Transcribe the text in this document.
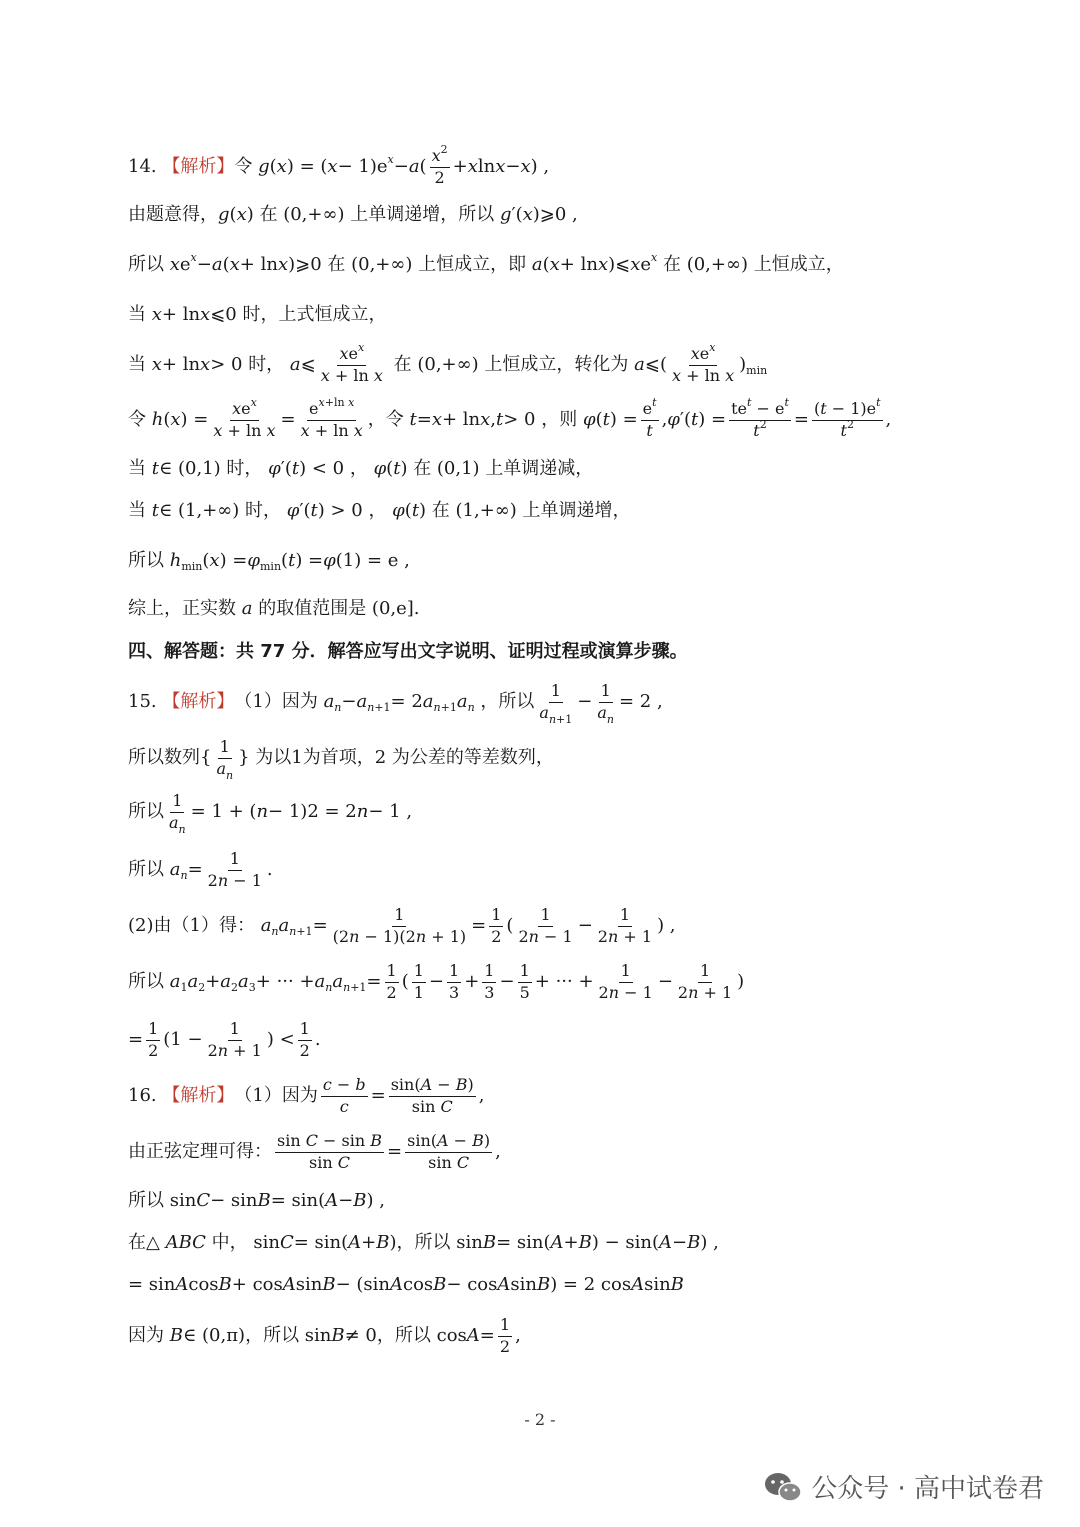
14.
【解析】 令
g ( x ) = ( x − 1)e x − a ( $\frac{x^2}{2} + x$ ln x − x ) ,
由题意得， g ( x ) 在 (0,+∞) 上单调递增，所以
g ′( x )⩾0 ,
所以
x e x − a ( x + ln x )⩾0 在 (0,+∞) 上恒成立，即
a ( x + ln x )⩽ x e x
在 (0,+∞) 上恒成立，
当
x + ln x ⩽0 时，上式恒成立，
当
x + ln x > 0 时，
a ⩽ $\frac{xe^x}{\text{x + ln x}}$
在 (0,+∞) 上恒成立，转化为
a ⩽( $\frac{xe^x}{\text{x + ln x}}$ ) min
令
h ( x ) = $\frac{xe^x}{\text{x + ln x}} = \frac{e^{x+ln x}}{\text{x + ln x}}$ ，令
t = x + ln x , t > 0 ，则
φ ( t ) = $\frac{e^t}{t}$ , φ ′( t ) = $\frac{te^t - e^t}{t^2} = \frac{(t - 1)e^t}{t^2}$ ,
当
t ∈ (0,1) 时，
φ ′( t ) < 0 ， φ ( t ) 在 (0,1) 上单调递减，
当
t ∈ (1,+∞) 时，
φ ′( t ) > 0 ， φ ( t ) 在 (1,+∞) 上单调递增，
所以
h min ( x ) = φ min ( t ) = φ (1) = e ,
综上，正实数
a
的取值范围是 (0,e] .
四、解答题：共 77 分．解答应写出文字说明、证明过程或演算步骤。
15.
【解析】 （1）因为
a n − a n+1 = 2 a n+1 a n
，所以 $\frac{1}{a_{n+1}} - \frac{1}{a_n} = 2$ ,
所以数列 { $\frac{1}{a_n}$ } 为以1为首项，2 为公差的等差数列，
所以 $\frac{1}{a_n} = 1$ + ( n − 1)2 = 2 n − 1 ,
所以
a $n = \frac{1}{2n - 1}$ .
(2)由（1）得：
a n a $n+1 = \frac{1}{(2n - 1)(2n + 1)} = \frac{1}{2}$ ( $\frac{1}{2n - 1} - \frac{1}{2n + 1}$ ) ,
所以
a 1 a 2 + a 2 a 3 + ··· + a n a $n+1 = \frac{1}{2}$ ( $\frac{1}{1} - \frac{1}{3} + \frac{1}{3} - \frac{1}{5}$ + ··· + $\frac{1}{2n - 1} - \frac{1}{2n + 1}$ )
= $\frac{1}{2} (1 - \frac{1}{2n + 1}$ ) < $\frac{1}{2}$ .
16.
【解析】 （1）因为 $\frac{c - b}{c} = \frac{\sin(A - B)}{\text{sin C}}$ ,
由正弦定理可得： $\frac{\text{sin C − sin B}}{\text{sin C}} = \frac{\sin(A - B)}{\text{sin C}}$ ,
所以 sin C − sin B = sin( A − B ) ,
在△
ABC
中， sin C = sin( A + B ) ，所以 sin B = sin( A + B ) − sin( A − B ) ,
= sin A cos B + cos A sin B − (sin A cos B − cos A sin B ) = 2 cos A sin B
因为
B ∈ (0,π) ，所以 sin B ≠ 0 ，所以 $\cos A = \frac{1}{2}$ ,
- 2 -
公众号 · 高中试卷君
